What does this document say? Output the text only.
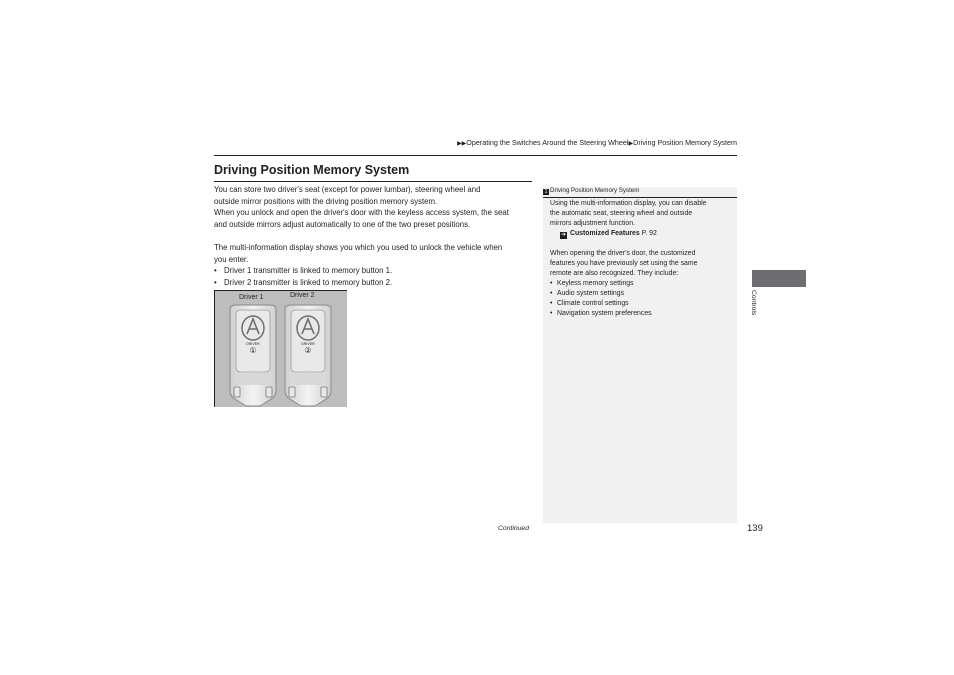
▶▶Operating the Switches Around the Steering Wheel▶Driving Position Memory System
Driving Position Memory System

You can store two driver's seat (except for power lumbar), steering wheel and

outside mirror positions with the driving position memory system.

When you unlock and open the driver's door with the keyless access system, the seat

and outside mirrors adjust automatically to one of the two preset positions.

The multi-information display shows you which you used to unlock the vehicle when

you enter.

• Driver 1 transmitter is linked to memory button 1.
• Driver 2 transmitter is linked to memory button 2.
DRIVER
①
DRIVER
②
Driver 1	Driver 2
1 Driving Position Memory System

Using the multi-information display, you can disable

the automatic seat, steering wheel and outside

mirrors adjustment function.

➔ Customized Features P. 92

When opening the driver's door, the customized

features you have previously set using the same

remote are also recognized. They include:

• Keyless memory settings
• Audio system settings
• Climate control settings
• Navigation system preferences	Controls
Continued	139
